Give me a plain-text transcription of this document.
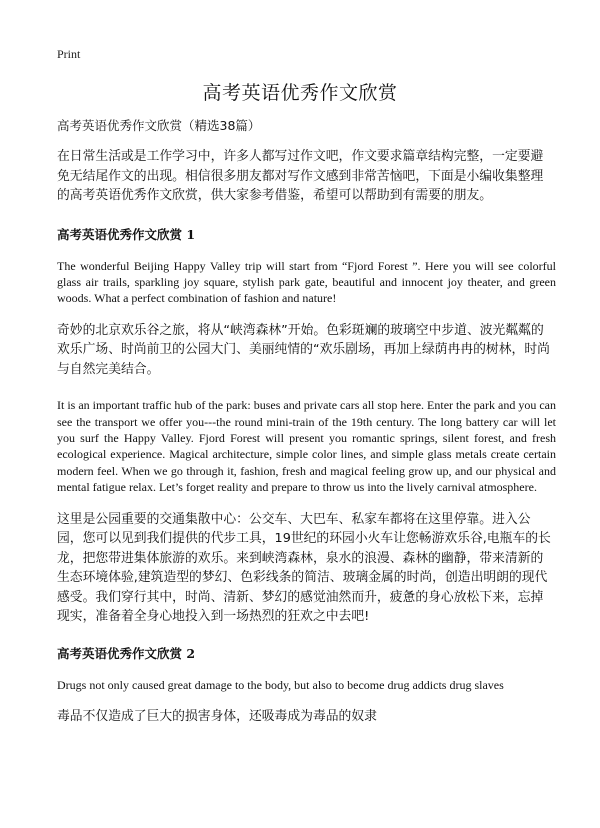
Print
高考英语优秀作文欣赏

高考英语优秀作文欣赏（精选38篇）

在日常生活或是工作学习中，许多人都写过作文吧，作文要求篇章结构完整，一定要避免无结尾作文的出现。相信很多朋友都对写作文感到非常苦恼吧，下面是小编收集整理的高考英语优秀作文欣赏，供大家参考借鉴，希望可以帮助到有需要的朋友。

高考英语优秀作文欣赏 1

The wonderful Beijing Happy Valley trip will start from “Fjord Forest ”. Here you will see colorful glass air trails, sparkling joy square, stylish park gate, beautiful and innocent joy theater, and green woods. What a perfect combination of fashion and nature!

奇妙的北京欢乐谷之旅，将从“峡湾森林”开始。色彩斑斓的玻璃空中步道、波光粼粼的欢乐广场、时尚前卫的公园大门、美丽纯情的“欢乐剧场，再加上绿荫冉冉的树林，时尚与自然完美结合。

It is an important traffic hub of the park: buses and private cars all stop here. Enter the park and you can see the transport we offer you---the round mini-train of the 19th century. The long battery car will let you surf the Happy Valley. Fjord Forest will present you romantic springs, silent forest, and fresh ecological experience. Magical architecture, simple color lines, and simple glass metals create certain modern feel. When we go through it, fashion, fresh and magical feeling grow up, and our physical and mental fatigue relax. Let’s forget reality and prepare to throw us into the lively carnival atmosphere.

这里是公园重要的交通集散中心：公交车、大巴车、私家车都将在这里停靠。进入公园，您可以见到我们提供的代步工具，19世纪的环园小火车让您畅游欢乐谷,电瓶车的长龙，把您带进集体旅游的欢乐。来到峡湾森林，泉水的浪漫、森林的幽静，带来清新的生态环境体验,建筑造型的梦幻、色彩线条的简洁、玻璃金属的时尚，创造出明朗的现代感受。我们穿行其中，时尚、清新、梦幻的感觉油然而升，疲惫的身心放松下来，忘掉现实，准备着全身心地投入到一场热烈的狂欢之中去吧!

高考英语优秀作文欣赏 2

Drugs not only caused great damage to the body, but also to become drug addicts drug slaves

毒品不仅造成了巨大的损害身体，还吸毒成为毒品的奴隶
